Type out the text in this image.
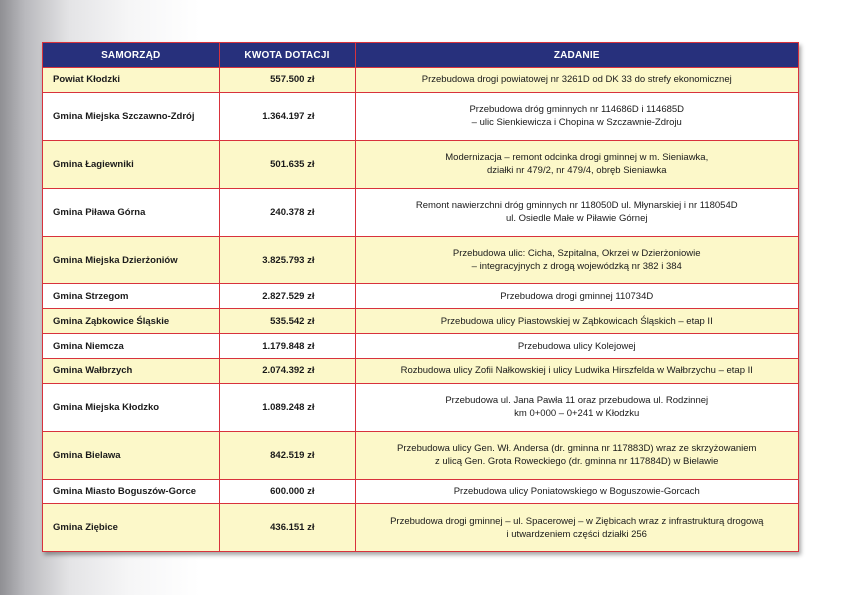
SAMORZĄD	KWOTA DOTACJI	ZADANIE
Powiat Kłodzki	557.500 zł	Przebudowa drogi powiatowej nr 3261D od DK 33 do strefy ekonomicznej

Gmina Miejska Szczawno-Zdrój	1.364.197 zł	Przebudowa dróg gminnych nr 114686D i 114685D
– ulic Sienkiewicza i Chopina w Szczawnie-Zdroju

Gmina Łagiewniki	501.635 zł	Modernizacja – remont odcinka drogi gminnej w m. Sieniawka,
działki nr 479/2, nr 479/4, obręb Sieniawka

Gmina Piława Górna	240.378 zł	Remont nawierzchni dróg gminnych nr 118050D ul. Młynarskiej i nr 118054D
ul. Osiedle Małe w Piławie Górnej

Gmina Miejska Dzierżoniów	3.825.793 zł	Przebudowa ulic: Cicha, Szpitalna, Okrzei w Dzierżoniowie
– integracyjnych z drogą wojewódzką nr 382 i 384

Gmina Strzegom	2.827.529 zł	Przebudowa drogi gminnej 110734D

Gmina Ząbkowice Śląskie	535.542 zł	Przebudowa ulicy Piastowskiej w Ząbkowicach Śląskich – etap II

Gmina Niemcza	1.179.848 zł	Przebudowa ulicy Kolejowej

Gmina Wałbrzych	2.074.392 zł	Rozbudowa ulicy Zofii Nałkowskiej i ulicy Ludwika Hirszfelda w Wałbrzychu – etap II

Gmina Miejska Kłodzko	1.089.248 zł	Przebudowa ul. Jana Pawła 11 oraz przebudowa ul. Rodzinnej
km 0+000 – 0+241 w Kłodzku

Gmina Bielawa	842.519 zł	Przebudowa ulicy Gen. Wł. Andersa (dr. gminna nr 117883D) wraz ze skrzyżowaniem
z ulicą Gen. Grota Roweckiego (dr. gminna nr 117884D) w Bielawie

Gmina Miasto Boguszów-Gorce	600.000 zł	Przebudowa ulicy Poniatowskiego w Boguszowie-Gorcach

Gmina Ziębice	436.151 zł	Przebudowa drogi gminnej – ul. Spacerowej – w Ziębicach wraz z infrastrukturą drogową
i utwardzeniem części działki 256
